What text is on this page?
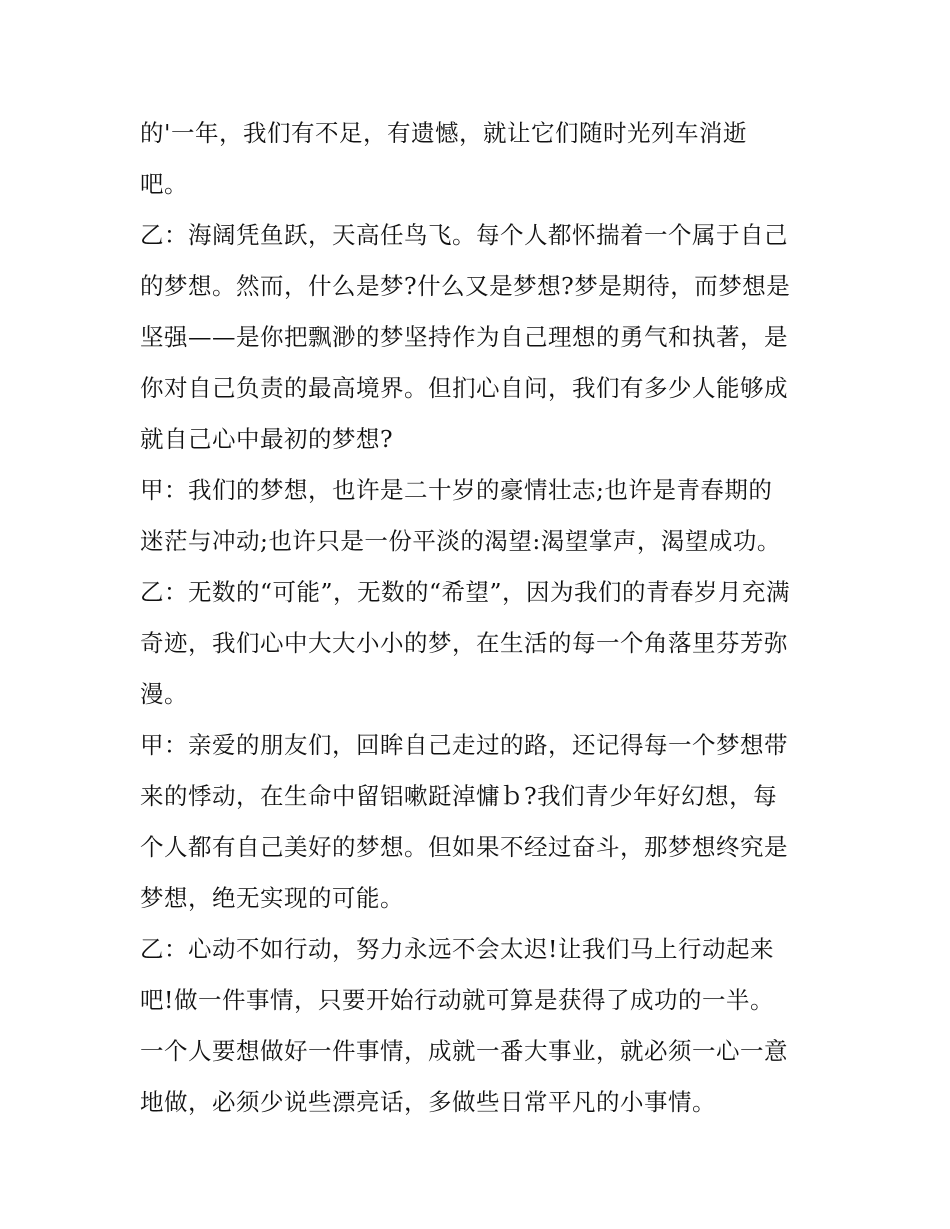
的'一年，我们有不足，有遗憾，就让它们随时光列车消逝
吧。
乙：海阔凭鱼跃，天高任鸟飞。每个人都怀揣着一个属于自己
的梦想。然而，什么是梦?什么又是梦想?梦是期待，而梦想是
坚强——是你把飘渺的梦坚持作为自己理想的勇气和执著，是
你对自己负责的最高境界。但扪心自问，我们有多少人能够成
就自己心中最初的梦想?
甲：我们的梦想，也许是二十岁的豪情壮志;也许是青春期的
迷茫与冲动;也许只是一份平淡的渴望:渴望掌声，渴望成功。
乙：无数的“可能”，无数的“希望”，因为我们的青春岁月充满
奇迹，我们心中大大小小的梦，在生活的每一个角落里芬芳弥
漫。
甲：亲爱的朋友们，回眸自己走过的路，还记得每一个梦想带
来的悸动，在生命中留铝嗽跹淖慵ｂ?我们青少年好幻想，每
个人都有自己美好的梦想。但如果不经过奋斗，那梦想终究是
梦想，绝无实现的可能。
乙：心动不如行动，努力永远不会太迟!让我们马上行动起来
吧!做一件事情，只要开始行动就可算是获得了成功的一半。
一个人要想做好一件事情，成就一番大事业，就必须一心一意
地做，必须少说些漂亮话，多做些日常平凡的小事情。
